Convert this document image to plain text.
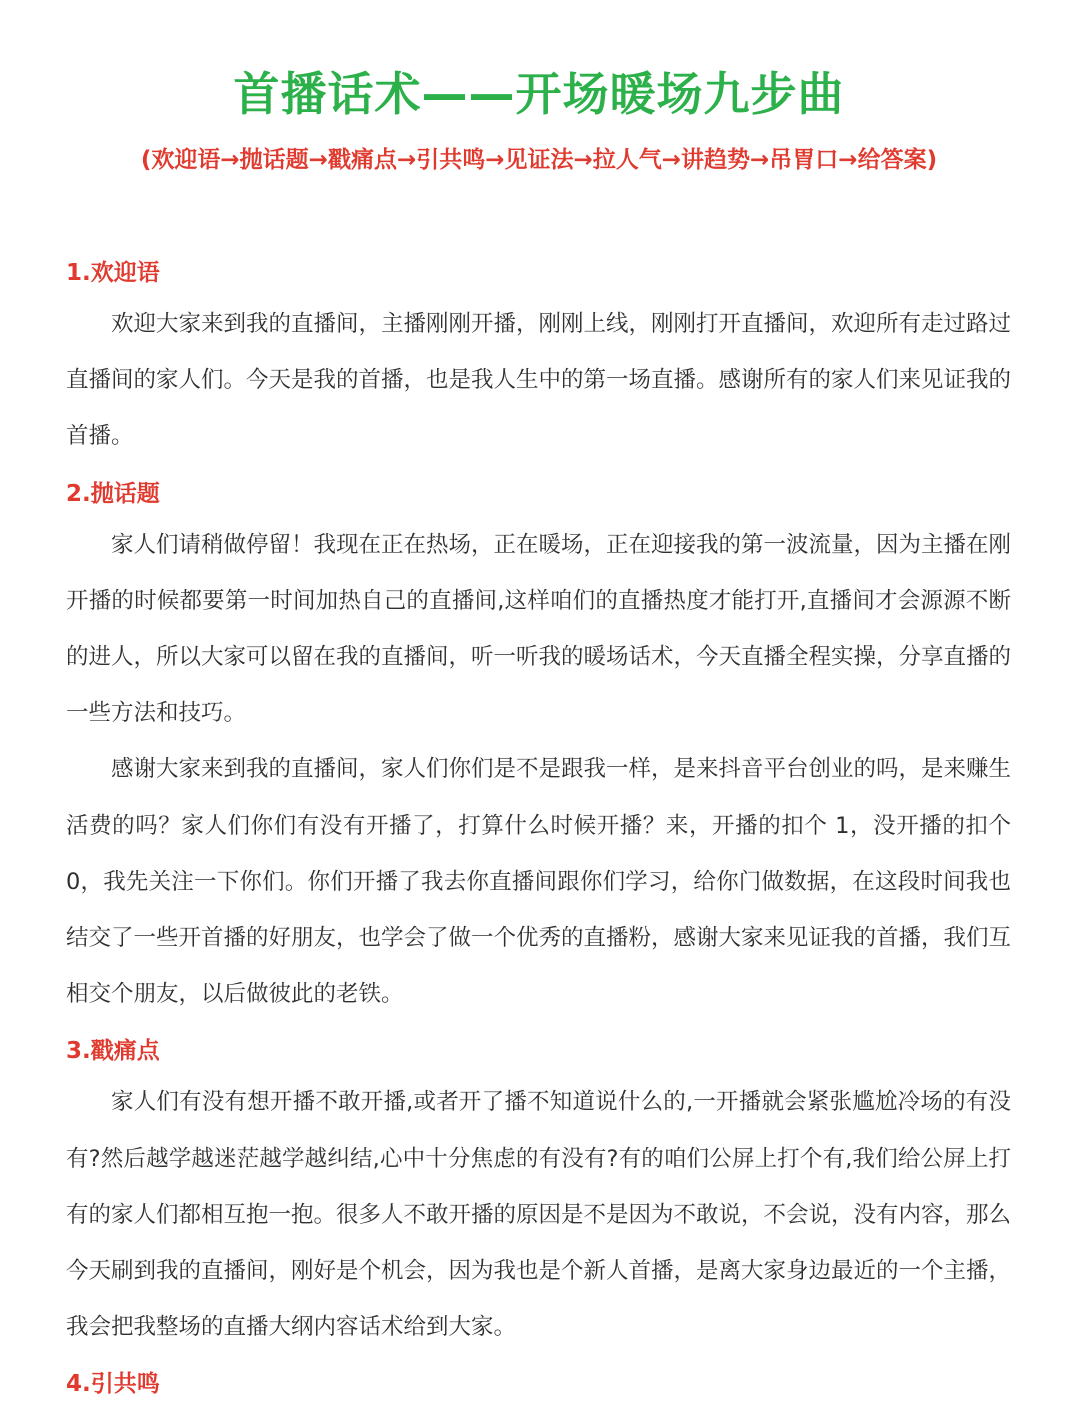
首播话术——开场暖场九步曲
(欢迎语→抛话题→戳痛点→引共鸣→见证法→拉人气→讲趋势→吊胃口→给答案)
1.欢迎语

欢迎大家来到我的直播间，主播刚刚开播，刚刚上线，刚刚打开直播间，欢迎所有走过路过直播间的家人们。今天是我的首播，也是我人生中的第一场直播。感谢所有的家人们来见证我的首播。

2.抛话题

家人们请稍做停留！我现在正在热场，正在暖场，正在迎接我的第一波流量，因为主播在刚开播的时候都要第一时间加热自己的直播间,这样咱们的直播热度才能打开,直播间才会源源不断的进人，所以大家可以留在我的直播间，听一听我的暖场话术，今天直播全程实操，分享直播的一些方法和技巧。

感谢大家来到我的直播间，家人们你们是不是跟我一样，是来抖音平台创业的吗，是来赚生活费的吗？家人们你们有没有开播了，打算什么时候开播？来，开播的扣个 1，没开播的扣个 0，我先关注一下你们。你们开播了我去你直播间跟你们学习，给你门做数据，在这段时间我也结交了一些开首播的好朋友，也学会了做一个优秀的直播粉，感谢大家来见证我的首播，我们互相交个朋友，以后做彼此的老铁。

3.戳痛点

家人们有没有想开播不敢开播,或者开了播不知道说什么的,一开播就会紧张尴尬冷场的有没有?然后越学越迷茫越学越纠结,心中十分焦虑的有没有?有的咱们公屏上打个有,我们给公屏上打有的家人们都相互抱一抱。很多人不敢开播的原因是不是因为不敢说，不会说，没有内容，那么今天刷到我的直播间，刚好是个机会，因为我也是个新人首播，是离大家身边最近的一个主播，我会把我整场的直播大纲内容话术给到大家。

4.引共鸣
